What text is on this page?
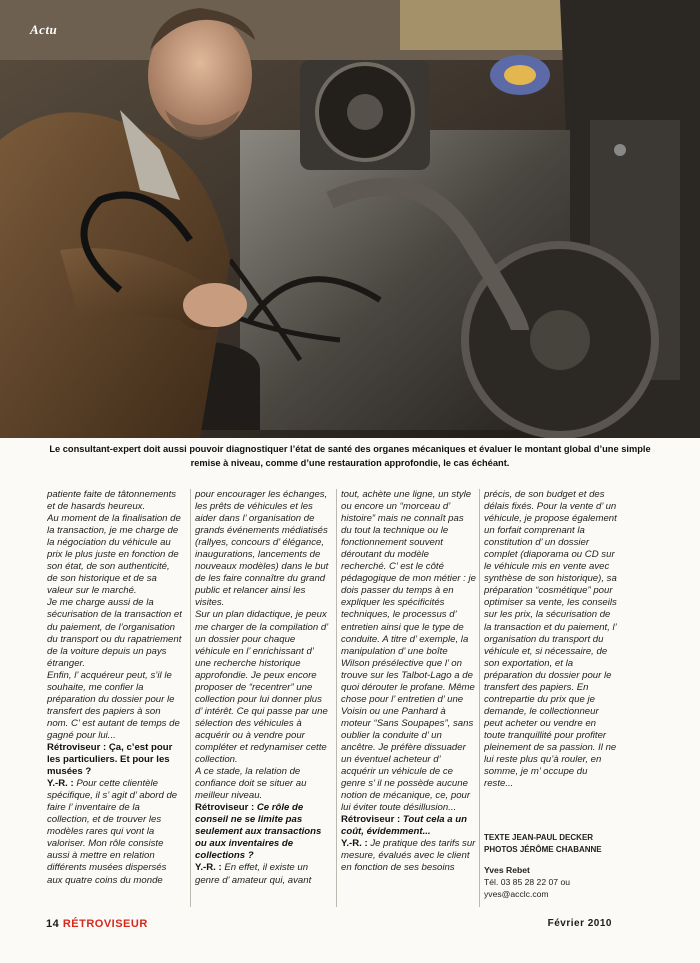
Actu
Le consultant-expert doit aussi pouvoir diagnostiquer l’état de santé des organes mécaniques et évaluer le montant global d’une simple remise à niveau, comme d’une restauration approfondie, le cas échéant.

patiente faite de tâtonnements et de hasards heureux.

Au moment de la finalisation de la transaction, je me charge de la négociation du véhicule au prix le plus juste en fonction de son état, de son authenticité, de son historique et de sa valeur sur le marché.

Je me charge aussi de la sécurisation de la transaction et du paiement, de l’organisation du transport ou du rapatriement de la voiture depuis un pays étranger.

Enfin, l’ acquéreur peut, s’il le souhaite, me confier la préparation du dossier pour le transfert des papiers à son nom. C’ est autant de temps de gagné pour lui...

Rétroviseur : Ça, c’est pour les particuliers. Et pour les musées ?

Y.-R. : Pour cette clientèle spécifique, il s’ agit d’ abord de faire l’ inventaire de la collection, et de trouver les modèles rares qui vont la valoriser. Mon rôle consiste aussi à mettre en relation différents musées dispersés aux quatre coins du monde

pour encourager les échanges, les prêts de véhicules et les aider dans l’ organisation de grands événements médiatisés (rallyes, concours d’ élégance, inaugurations, lancements de nouveaux modèles) dans le but de les faire connaître du grand public et relancer ainsi les visites.

Sur un plan didactique, je peux me charger de la compilation d’ un dossier pour chaque véhicule en l’ enrichissant d’ une recherche historique approfondie. Je peux encore proposer de “recentrer” une collection pour lui donner plus d’ intérêt. Ce qui passe par une sélection des véhicules à acquérir ou à vendre pour compléter et redynamiser cette collection.

A ce stade, la relation de confiance doit se situer au meilleur niveau.

Rétroviseur : Ce rôle de conseil ne se limite pas seulement aux transactions ou aux inventaires de collections ?

Y.-R. : En effet, il existe un genre d’ amateur qui, avant

tout, achète une ligne, un style ou encore un “morceau d’ histoire” mais ne connaît pas du tout la technique ou le fonctionnement souvent déroutant du modèle recherché. C’ est le côté pédagogique de mon métier : je dois passer du temps à en expliquer les spécificités techniques, le processus d’ entretien ainsi que le type de conduite. A titre d’ exemple, la manipulation d’ une boîte Wilson présélective que l’ on trouve sur les Talbot-Lago a de quoi dérouter le profane. Même chose pour l’ entretien d’ une Voisin ou une Panhard à moteur “Sans Soupapes”, sans oublier la conduite d’ un ancêtre. Je préfère dissuader un éventuel acheteur d’ acquérir un véhicule de ce genre s’ il ne possède aucune notion de mécanique, ce, pour lui éviter toute désillusion...

Rétroviseur : Tout cela a un coût, évidemment...

Y.-R. : Je pratique des tarifs sur mesure, évalués avec le client en fonction de ses besoins

précis, de son budget et des délais fixés. Pour la vente d’ un véhicule, je propose également un forfait comprenant la constitution d’ un dossier complet (diaporama ou CD sur le véhicule mis en vente avec synthèse de son historique), sa préparation “cosmétique” pour optimiser sa vente, les conseils sur les prix, la sécurisation de la transaction et du paiement, l’ organisation du transport du véhicule et, si nécessaire, de son exportation, et la préparation du dossier pour le transfert des papiers. En contrepartie du prix que je demande, le collectionneur peut acheter ou vendre en toute tranquillité pour profiter pleinement de sa passion. Il ne lui reste plus qu’à rouler, en somme, je m’ occupe du reste...

TEXTE JEAN-PAUL DECKER
PHOTOS JÉRÔME CHABANNE
Yves Rebet
Tél. 03 85 28 22 07 ou
yves@acclc.com
14 RÉTROVISEUR	Février 2010
